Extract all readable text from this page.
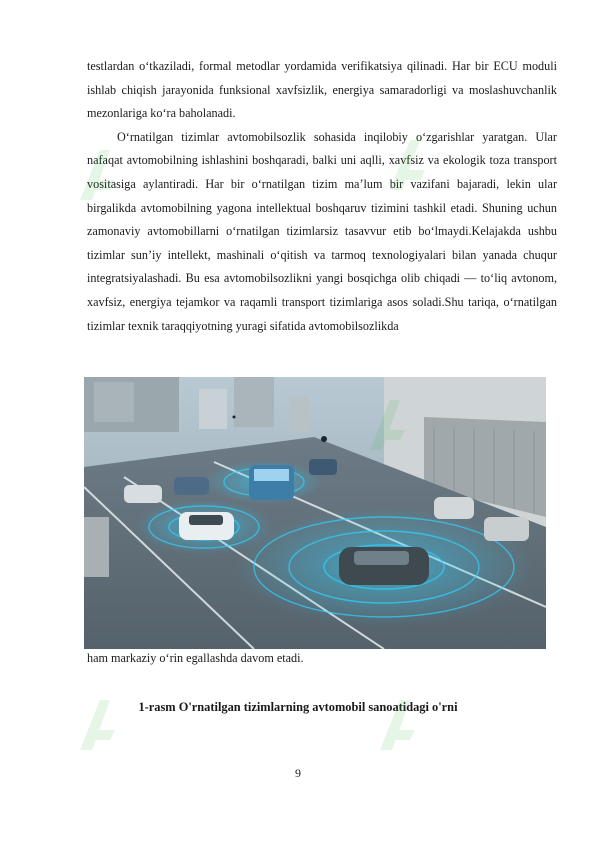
testlardan o‘tkaziladi, formal metodlar yordamida verifikatsiya qilinadi. Har bir ECU moduli ishlab chiqish jarayonida funksional xavfsizlik, energiya samaradorligi va moslashuvchanlik mezonlariga ko‘ra baholanadi.

O‘rnatilgan tizimlar avtomobilsozlik sohasida inqilobiy o‘zgarishlar yaratgan. Ular nafaqat avtomobilning ishlashini boshqaradi, balki uni aqlli, xavfsiz va ekologik toza transport vositasiga aylantiradi. Har bir o‘rnatilgan tizim ma’lum bir vazifani bajaradi, lekin ular birgalikda avtomobilning yagona intellektual boshqaruv tizimini tashkil etadi. Shuning uchun zamonaviy avtomobillarni o‘rnatilgan tizimlarsiz tasavvur etib bo‘lmaydi.Kelajakda ushbu tizimlar sun’iy intellekt, mashinali o‘qitish va tarmoq texnologiyalari bilan yanada chuqur integratsiyalashadi. Bu esa avtomobilsozlikni yangi bosqichga olib chiqadi — to‘liq avtonom, xavfsiz, energiya tejamkor va raqamli transport tizimlariga asos soladi.Shu tariqa, o‘rnatilgan tizimlar texnik taraqqiyotning yuragi sifatida avtomobilsozlikda

ham markaziy o‘rin egallashda davom etadi.
1-rasm O'rnatilgan tizimlarning avtomobil sanoatidagi o'rni
9
